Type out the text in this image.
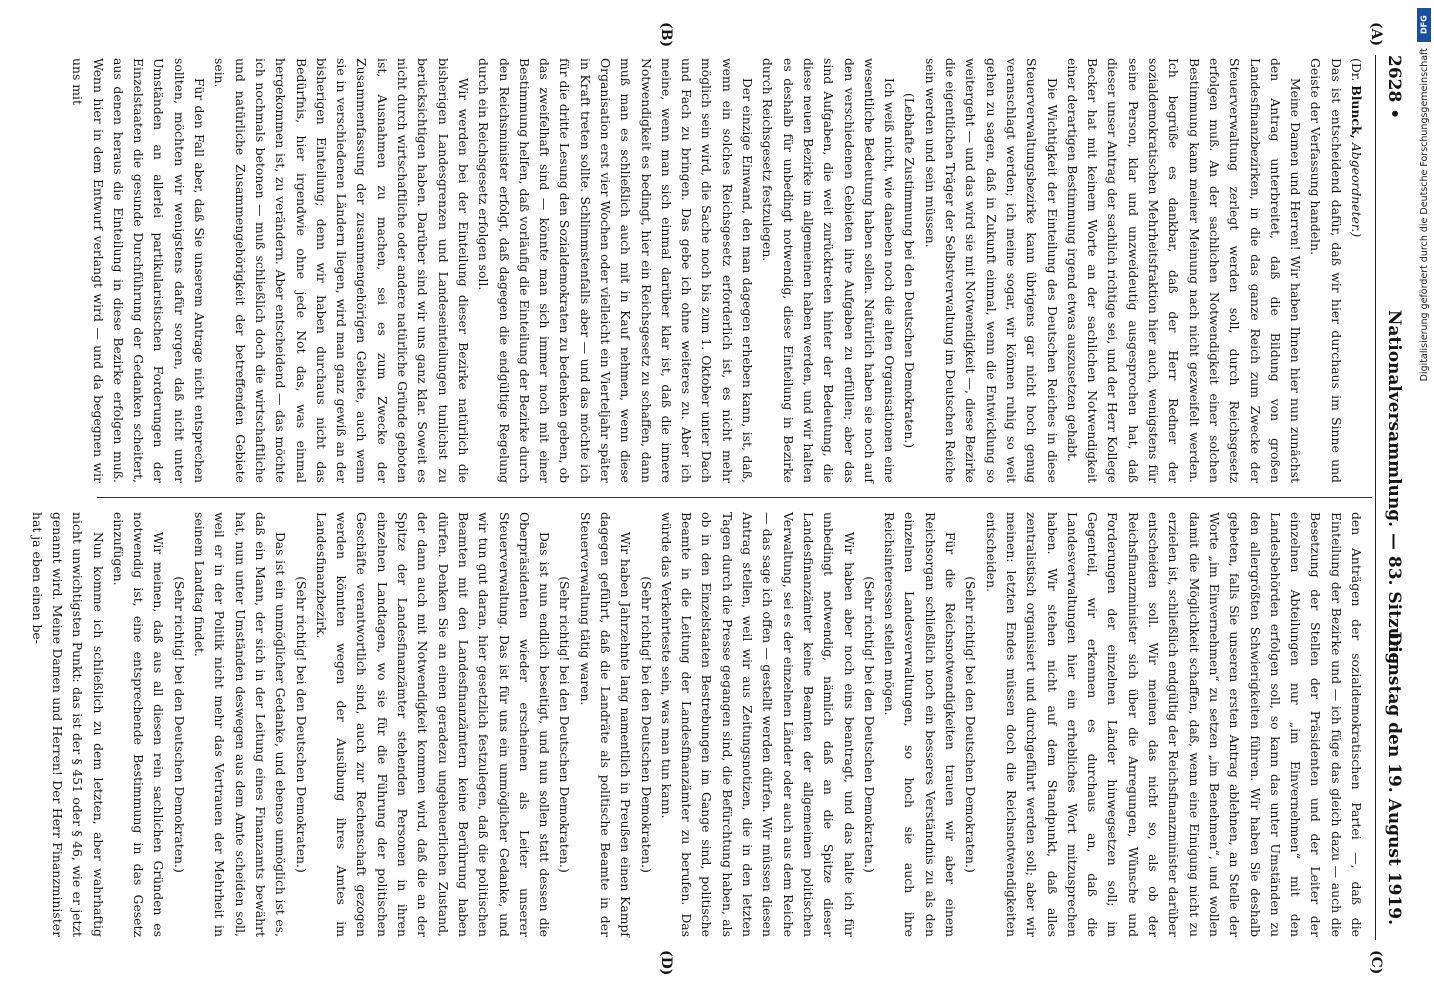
2628 •
Nationalversammlung. — 83. Sitzung.
Dienstag den 19. August 1919.
(A)
(B)
(C)
(D)

(Dr. Blunck, Abgeordneter.)

Das ist entscheidend dafür, daß wir hier durchaus im Sinne und Geiste der Verfassung handeln.

Meine Damen und Herren! Wir haben Ihnen hier nun zunächst den Antrag unterbreitet, daß die Bildung von großen Landesfinanzbezirken, in die das ganze Reich zum Zwecke der Steuerverwaltung zerlegt werden soll, durch Reichsgesetz erfolgen muß. An der sachlichen Notwendigkeit einer solchen Bestimmung kann meiner Meinung nach nicht gezweifelt werden. Ich begrüße es dankbar, daß der Herr Redner der sozialdemokratischen Mehrheitsfraktion hier auch, wenigstens für seine Person, klar und unzweideutig ausgesprochen hat, daß dieser unser Antrag der sachlich richtige sei, und der Herr Kollege Becker hat mit keinem Worte an der sachlichen Notwendigkeit einer derartigen Bestimmung irgend etwas auszusetzen gehabt.

Die Wichtigkeit der Einteilung des Deutschen Reiches in diese Steuerverwaltungsbezirke kann übrigens gar nicht hoch genug veranschlagt werden; ich meine sogar, wir können ruhig so weit gehen zu sagen, daß in Zukunft einmal, wenn die Entwicklung so weitergeht — und das wird sie mit Notwendigkeit —, diese Bezirke die eigentlichen Träger der Selbstverwaltung im Deutschen Reiche sein werden und sein müssen.

(Lebhafte Zustimmung bei den Deutschen Demokraten.)

Ich weiß nicht, wie daneben noch die alten Organisationen eine wesentliche Bedeutung haben sollen. Natürlich haben sie noch auf den verschiedenen Gebieten ihre Aufgaben zu erfüllen; aber das sind Aufgaben, die weit zurücktreten hinter der Bedeutung, die diese neuen Bezirke im allgemeinen haben werden, und wir halten es deshalb für unbedingt notwendig, diese Einteilung in Bezirke durch Reichsgesetz festzulegen.

Der einzige Einwand, den man dagegen erheben kann, ist, daß, wenn ein solches Reichsgesetz erforderlich ist, es nicht mehr möglich sein wird, die Sache noch bis zum 1. Oktober unter Dach und Fach zu bringen. Das gebe ich ohne weiteres zu. Aber ich meine, wenn man sich einmal darüber klar ist, daß die innere Notwendigkeit es bedingt, hier ein Reichsgesetz zu schaffen, dann muß man es schließlich auch mit in Kauf nehmen, wenn diese Organisation erst vier Wochen oder vielleicht ein Vierteljahr später in Kraft treten sollte. Schlimmstenfalls aber — und das möchte ich für die dritte Lesung den Sozialdemokraten zu bedenken geben, ob das zweifelhaft sind — könnte man sich immer noch mit einer Bestimmung helfen, daß vorläufig die Einteilung der Bezirke durch den Reichsminister erfolgt, daß dagegen die endgültige Regelung durch ein Reichsgesetz erfolgen soll.

Wir werden bei der Einteilung dieser Bezirke natürlich die bisherigen Landesgrenzen und Landeseinteilungen tunlichst zu berücksichtigen haben. Darüber sind wir uns ganz klar. Soweit es nicht durch wirtschaftliche oder andere natürliche Gründe geboten ist, Ausnahmen zu machen, sei es zum Zwecke der Zusammenfassung der zusammengehörigen Gebiete, auch wenn sie in verschiedenen Ländern liegen, wird man ganz gewiß an der bisherigen Einteilung; denn wir haben durchaus nicht das Bedürfnis, hier irgendwie ohne jede Not das, was einmal hergekommen ist, zu verändern. Aber entscheidend — das möchte ich nochmals betonen — muß schließlich doch die wirtschaftliche und natürliche Zusammengehörigkeit der betreffenden Gebiete sein.

Für den Fall aber, daß Sie unserem Antrage nicht entsprechen sollten, möchten wir wenigstens dafür sorgen, daß nicht unter Umständen an allerlei partikularistischen Forderungen der Einzelstaaten die gesunde Durchführung der Gedanken scheitert, aus denen heraus die Einteilung in diese Bezirke erfolgen muß. Wenn hier in dem Entwurf verlangt wird — und da begegnen wir uns mit

den Anträgen der sozialdemokratischen Partei —, daß die Einteilung der Bezirke und — ich füge das gleich dazu — auch die Besetzung der Stellen der Präsidenten und der Leiter der einzelnen Abteilungen nur „im Einvernehmen“ mit den Landesbehörden erfolgen soll, so kann das unter Umständen zu den allergrößten Schwierigkeiten führen. Wir haben Sie deshalb gebeten, falls Sie unseren ersten Antrag ablehnen, an Stelle der Worte „im Einvernehmen“ zu setzen „im Benehmen“, und wollen damit die Möglichkeit schaffen, daß, wenn eine Einigung nicht zu erzielen ist, schließlich endgültig der Reichsfinanzminister darüber entscheiden soll. Wir meinen das nicht so, als ob der Reichsfinanzminister sich über die Anregungen, Wünsche und Forderungen der einzelnen Länder hinwegsetzen soll; im Gegenteil, wir erkennen es durchaus an, daß die Landesverwaltungen hier ein erhebliches Wort mitzusprechen haben. Wir stehen nicht auf dem Standpunkt, daß alles zentralistisch organisiert und durchgeführt werden soll; aber wir meinen: letzten Endes müssen doch die Reichsnotwendigkeiten entscheiden.

(Sehr richtig! bei den Deutschen Demokraten.)

Für die Reichsnotwendigkeiten trauen wir aber einem Reichsorgan schließlich noch ein besseres Verständnis zu als den einzelnen Landesverwaltungen, so hoch sie auch ihre Reichsinteressen stellen mögen.

(Sehr richtig! bei den Deutschen Demokraten.)

Wir haben aber noch eins beantragt, und das halte ich für unbedingt notwendig, nämlich daß an die Spitze dieser Landesfinanzämter keine Beamten der allgemeinen politischen Verwaltung, sei es der einzelnen Länder oder auch aus dem Reiche — das sage ich offen — gestellt werden dürfen. Wir müssen diesen Antrag stellen, weil wir aus Zeitungsnotizen, die in den letzten Tagen durch die Presse gegangen sind, die Befürchtung haben, als ob in den Einzelstaaten Bestrebungen im Gange sind, politische Beamte in die Leitung der Landesfinanzämter zu berufen. Das würde das Verkehrteste sein, was man tun kann.

(Sehr richtig! bei den Deutschen Demokraten.)

Wir haben Jahrzehnte lang namentlich in Preußen einen Kampf dagegen geführt, daß die Landräte als politische Beamte in der Steuerverwaltung tätig waren.

(Sehr richtig! bei den Deutschen Demokraten.)

Das ist nun endlich beseitigt, und nun sollen statt dessen die Oberpräsidenten wieder erscheinen als Leiter unserer Steuerverwaltung. Das ist für uns ein unmöglicher Gedanke, und wir tun gut daran, hier gesetzlich festzulegen, daß die politischen Beamten mit den Landesfinanzämtern keine Berührung haben dürfen. Denken Sie an einen geradezu ungeheuerlichen Zustand, der dann auch mit Notwendigkeit kommen wird, daß die an der Spitze der Landesfinanzämter stehenden Personen in ihren einzelnen Landtagen, wo sie für die Führung der politischen Geschäfte verantwortlich sind, auch zur Rechenschaft gezogen werden könnten wegen der Ausübung ihres Amtes im Landesfinanzbezirk.

(Sehr richtig! bei den Deutschen Demokraten.)

Das ist ein unmöglicher Gedanke, und ebenso unmöglich ist es, daß ein Mann, der sich in der Leitung eines Finanzamts bewährt hat, nun unter Umständen deswegen aus dem Amte scheiden soll, weil er in der Politik nicht mehr das Vertrauen der Mehrheit in seinem Landtag findet.

(Sehr richtig! bei den Deutschen Demokraten.)

Wir meinen, daß aus all diesen rein sachlichen Gründen es notwendig ist, eine entsprechende Bestimmung in das Gesetz einzufügen.

Nun komme ich schließlich zu dem letzten, aber wahrhaftig nicht unwichtigsten Punkt: das ist der § 451 oder § 46, wie er jetzt genannt wird. Meine Damen und Herren! Der Herr Finanzminister hat ja eben einen be-

DFG
Digitalisierung gefördert durch die Deutsche Forschungsgemeinschaft
